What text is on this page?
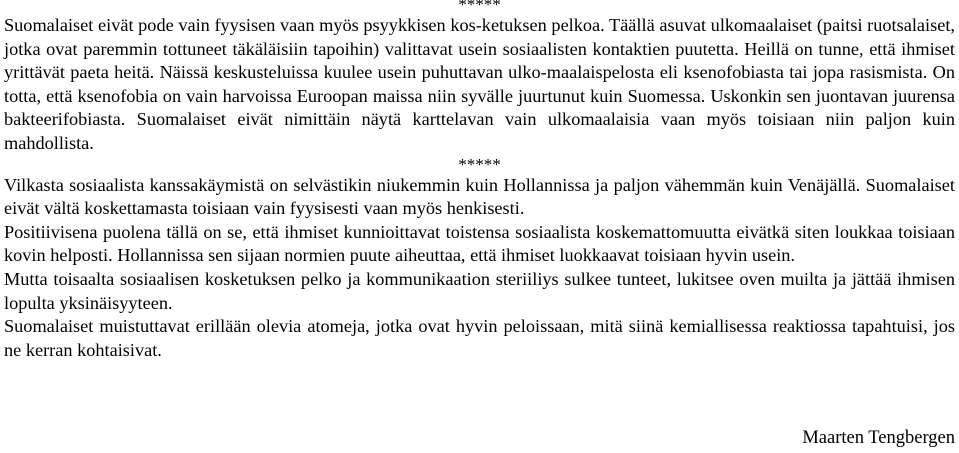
*****

Suomalaiset eivät pode vain fyysisen vaan myös psyykkisen kos-ketuksen pelkoa. Täällä asuvat ulkomaalaiset (paitsi ruotsalaiset, jotka ovat paremmin tottuneet täkäläisiin tapoihin) valittavat usein sosiaalisten kontaktien puutetta. Heillä on tunne, että ihmiset yrittävät paeta heitä. Näissä keskusteluissa kuulee usein puhuttavan ulko-maalaispelosta eli ksenofobiasta tai jopa rasismista. On totta, että ksenofobia on vain harvoissa Euroopan maissa niin syvälle juurtunut kuin Suomessa. Uskonkin sen juontavan juurensa bakteerifobiasta. Suomalaiset eivät nimittäin näytä karttelavan vain ulkomaalaisia vaan myös toisiaan niin paljon kuin mahdollista.

*****

Vilkasta sosiaalista kanssakäymistä on selvästikin niukemmin kuin Hollannissa ja paljon vähemmän kuin Venäjällä. Suomalaiset eivät vältä koskettamasta toisiaan vain fyysisesti vaan myös henkisesti.

Positiivisena puolena tällä on se, että ihmiset kunnioittavat toistensa sosiaalista koskemattomuutta eivätkä siten loukkaa toisiaan kovin helposti. Hollannissa sen sijaan normien puute aiheuttaa, että ihmiset luokkaavat toisiaan hyvin usein.

Mutta toisaalta sosiaalisen kosketuksen pelko ja kommunikaation steriiliys sulkee tunteet, lukitsee oven muilta ja jättää ihmisen lopulta yksinäisyyteen.

Suomalaiset muistuttavat erillään olevia atomeja, jotka ovat hyvin peloissaan, mitä siinä kemiallisessa reaktiossa tapahtuisi, jos ne kerran kohtaisivat.

Maarten Tengbergen
